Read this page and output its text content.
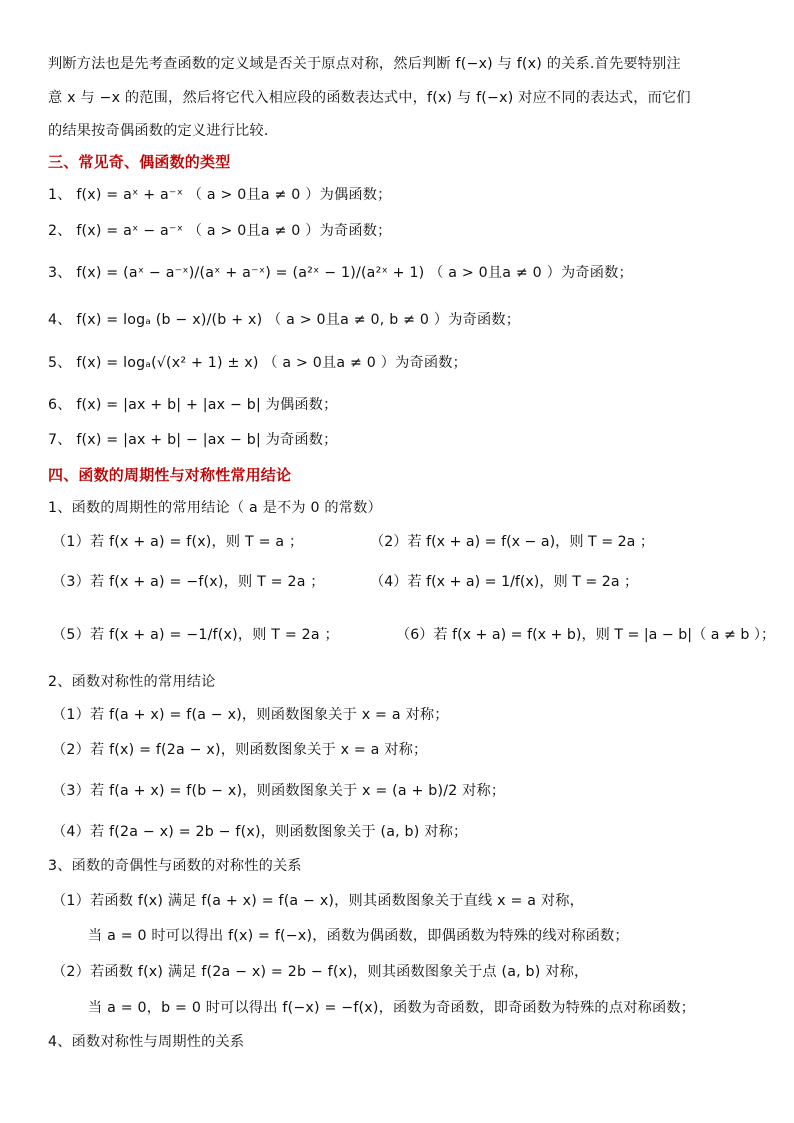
判断方法也是先考查函数的定义域是否关于原点对称，然后判断 f(−x) 与 f(x) 的关系.首先要特别注
意 x 与 −x 的范围，然后将它代入相应段的函数表达式中，f(x) 与 f(−x) 对应不同的表达式，而它们
的结果按奇偶函数的定义进行比较.
三、常见奇、偶函数的类型
1、 f(x) = aˣ + a⁻ˣ （ a > 0且a ≠ 0 ）为偶函数；
2、 f(x) = aˣ − a⁻ˣ （ a > 0且a ≠ 0 ）为奇函数；
3、 f(x) = (aˣ − a⁻ˣ)/(aˣ + a⁻ˣ) = (a²ˣ − 1)/(a²ˣ + 1) （ a > 0且a ≠ 0 ）为奇函数；
4、 f(x) = logₐ (b − x)/(b + x) （ a > 0且a ≠ 0, b ≠ 0 ）为奇函数；
5、 f(x) = logₐ(√(x² + 1) ± x) （ a > 0且a ≠ 0 ）为奇函数；
6、 f(x) = |ax + b| + |ax − b| 为偶函数；
7、 f(x) = |ax + b| − |ax − b| 为奇函数；
四、函数的周期性与对称性常用结论
1、函数的周期性的常用结论（ a 是不为 0 的常数）
（1）若 f(x + a) = f(x)，则 T = a ；	（2）若 f(x + a) = f(x − a)，则 T = 2a ；
（3）若 f(x + a) = −f(x)，则 T = 2a ；	（4）若 f(x + a) = 1/f(x)，则 T = 2a ；
（5）若 f(x + a) = −1/f(x)，则 T = 2a ；	（6）若 f(x + a) = f(x + b)，则 T = |a − b|（ a ≠ b ）；
2、函数对称性的常用结论
（1）若 f(a + x) = f(a − x)，则函数图象关于 x = a 对称；
（2）若 f(x) = f(2a − x)，则函数图象关于 x = a 对称；
（3）若 f(a + x) = f(b − x)，则函数图象关于 x = (a + b)/2 对称；
（4）若 f(2a − x) = 2b − f(x)，则函数图象关于 (a, b) 对称；
3、函数的奇偶性与函数的对称性的关系
（1）若函数 f(x) 满足 f(a + x) = f(a − x)，则其函数图象关于直线 x = a 对称，
当 a = 0 时可以得出 f(x) = f(−x)，函数为偶函数，即偶函数为特殊的线对称函数；
（2）若函数 f(x) 满足 f(2a − x) = 2b − f(x)，则其函数图象关于点 (a, b) 对称，
当 a = 0，b = 0 时可以得出 f(−x) = −f(x)，函数为奇函数，即奇函数为特殊的点对称函数；
4、函数对称性与周期性的关系
